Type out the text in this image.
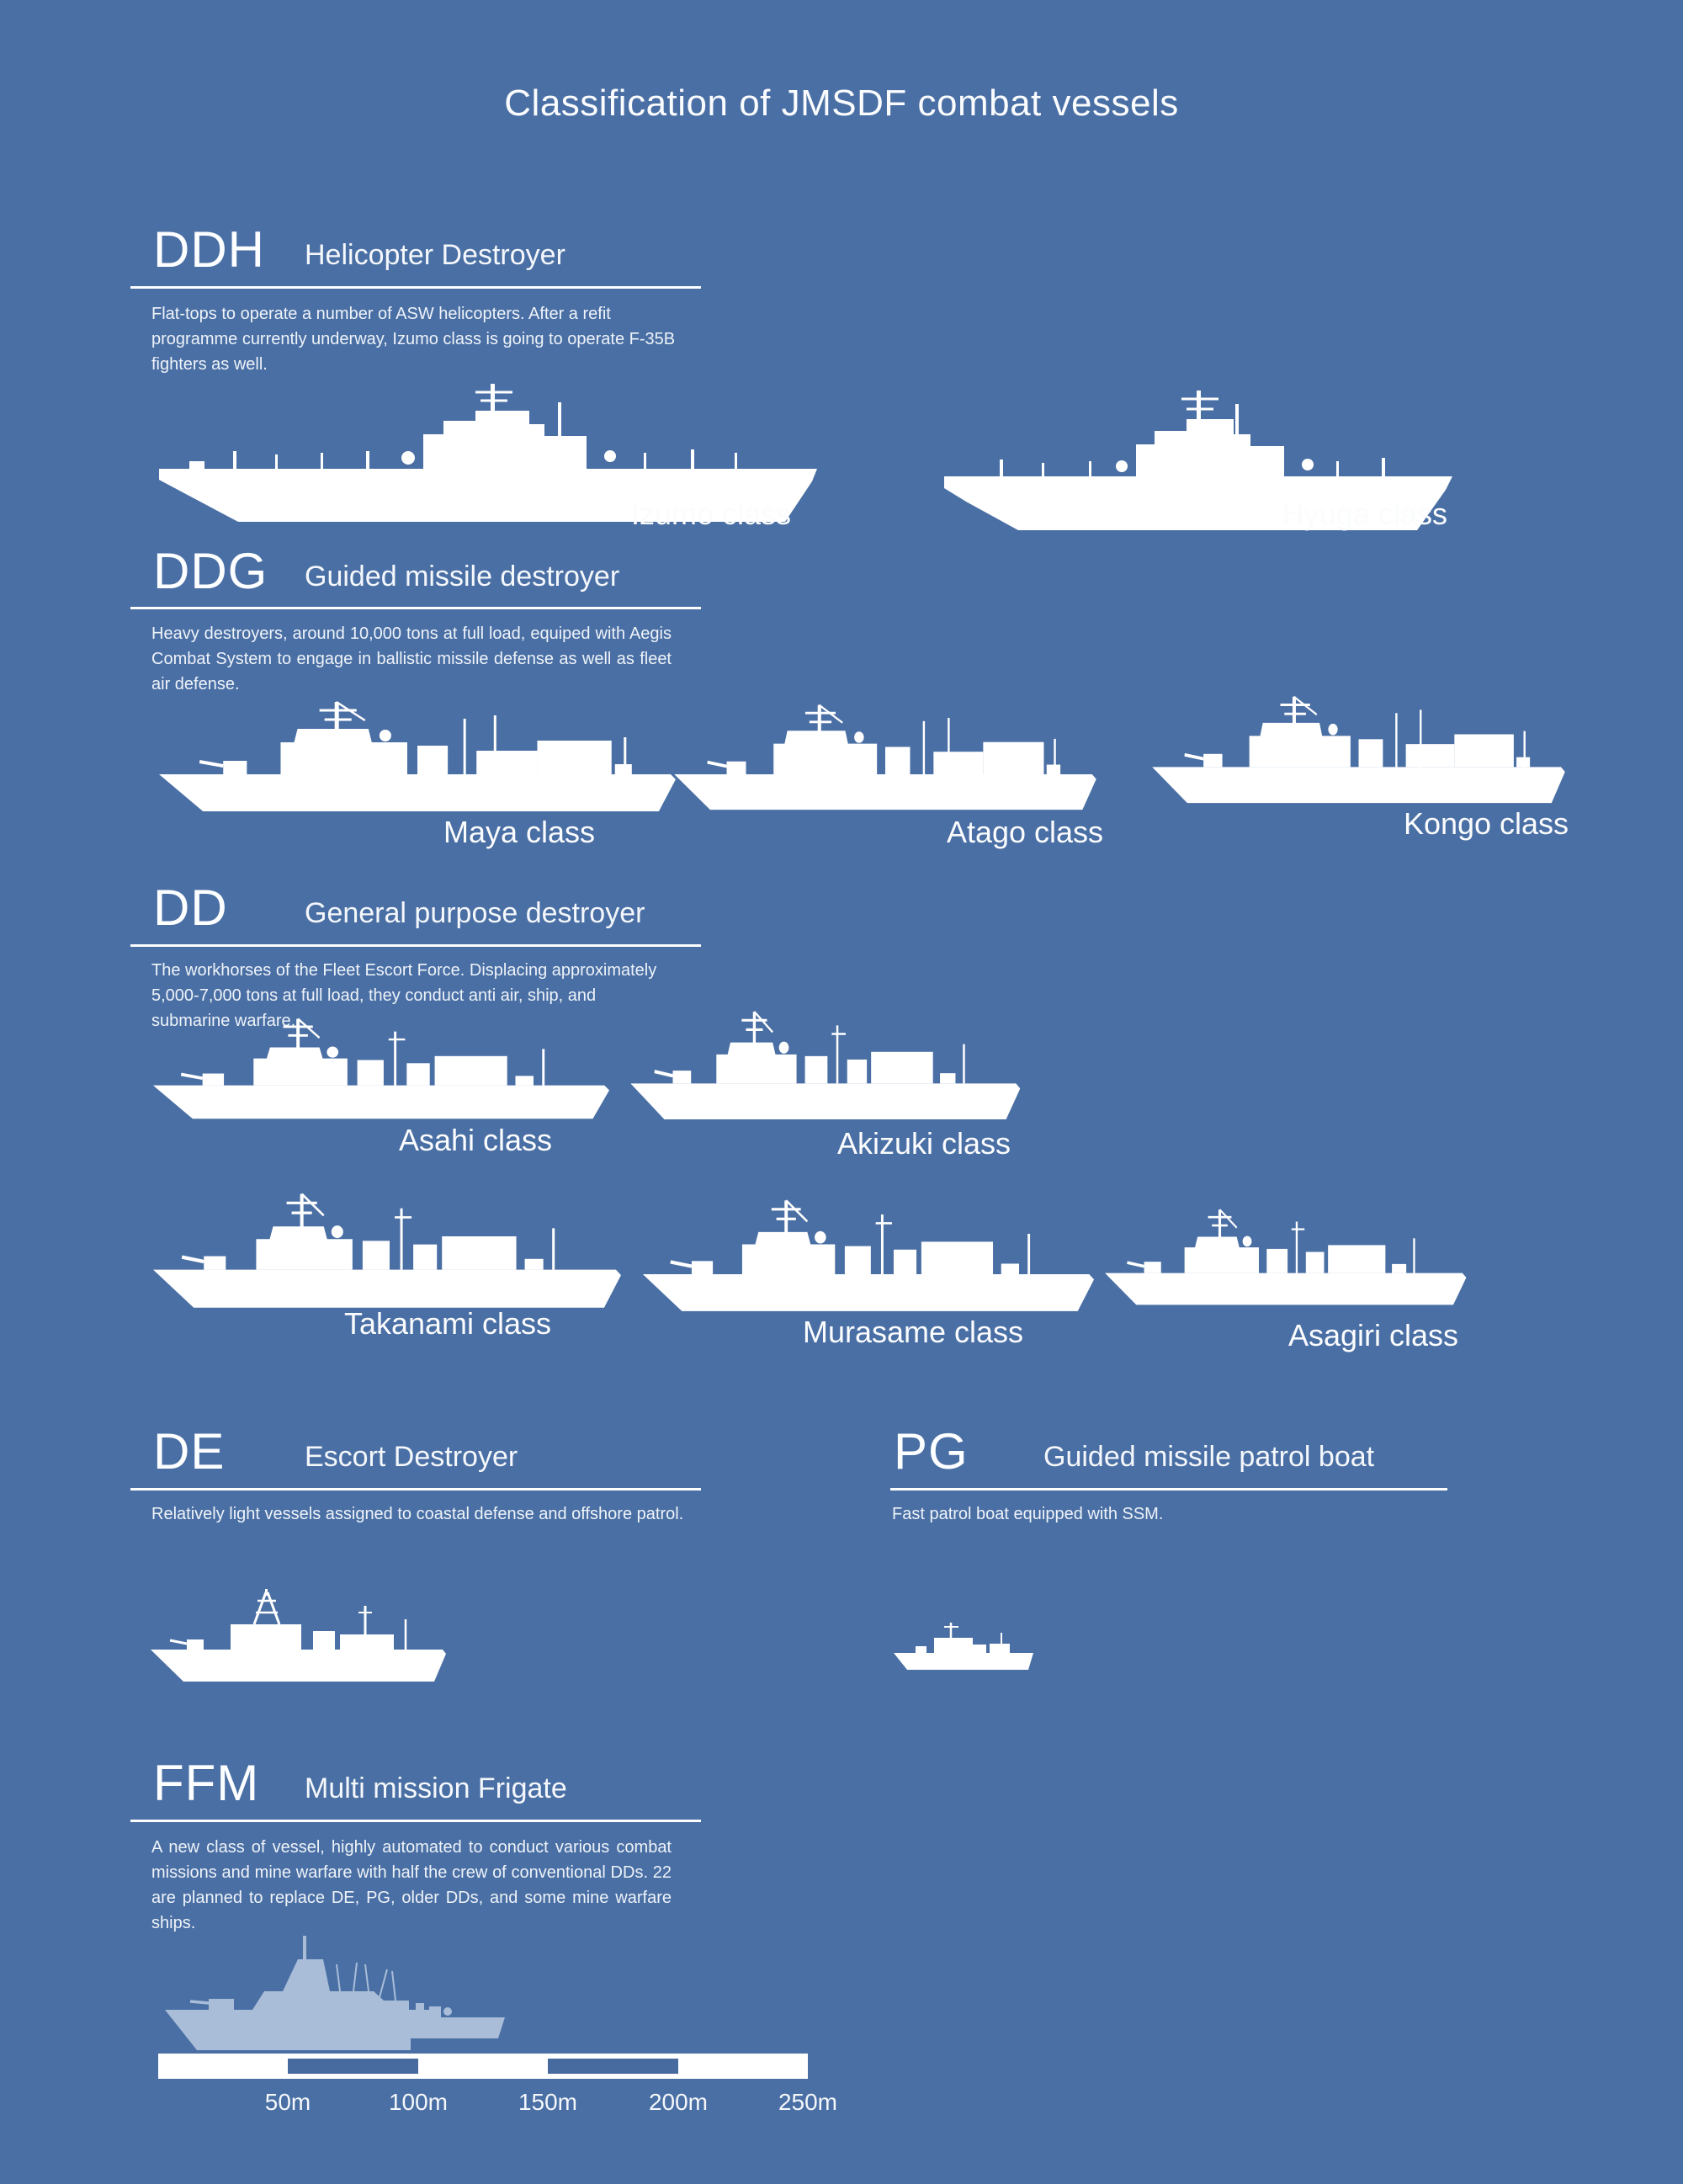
Classification of JMSDF combat vessels
DDH Helicopter Destroyer

Flat-tops to operate a number of ASW helicopters. After a refit programme currently underway, Izumo class is going to operate F-35B fighters as well.

Izumo class	Hyuga class
DDG Guided missile destroyer

Heavy destroyers, around 10,000 tons at full load, equiped with Aegis Combat System to engage in ballistic missile defense as well as fleet air defense.

Maya class	Atago class	Kongo class
DD	General purpose destroyer

The workhorses of the Fleet Escort Force. Displacing approximately 5,000-7,000 tons at full load, they conduct anti air, ship, and submarine warfare.

Asahi class	Akizuki class
Takanami class	Murasame class	Asagiri class
DE	Escort Destroyer

Relatively light vessels assigned to coastal defense and offshore patrol.

PG	Guided missile patrol boat

Fast patrol boat equipped with SSM.

FFM Multi mission Frigate

A new class of vessel, highly automated to conduct various combat missions and mine warfare with half the crew of conventional DDs. 22 are planned to replace DE, PG, older DDs, and some mine warfare ships.

50m	100m	150m	200m	250m
